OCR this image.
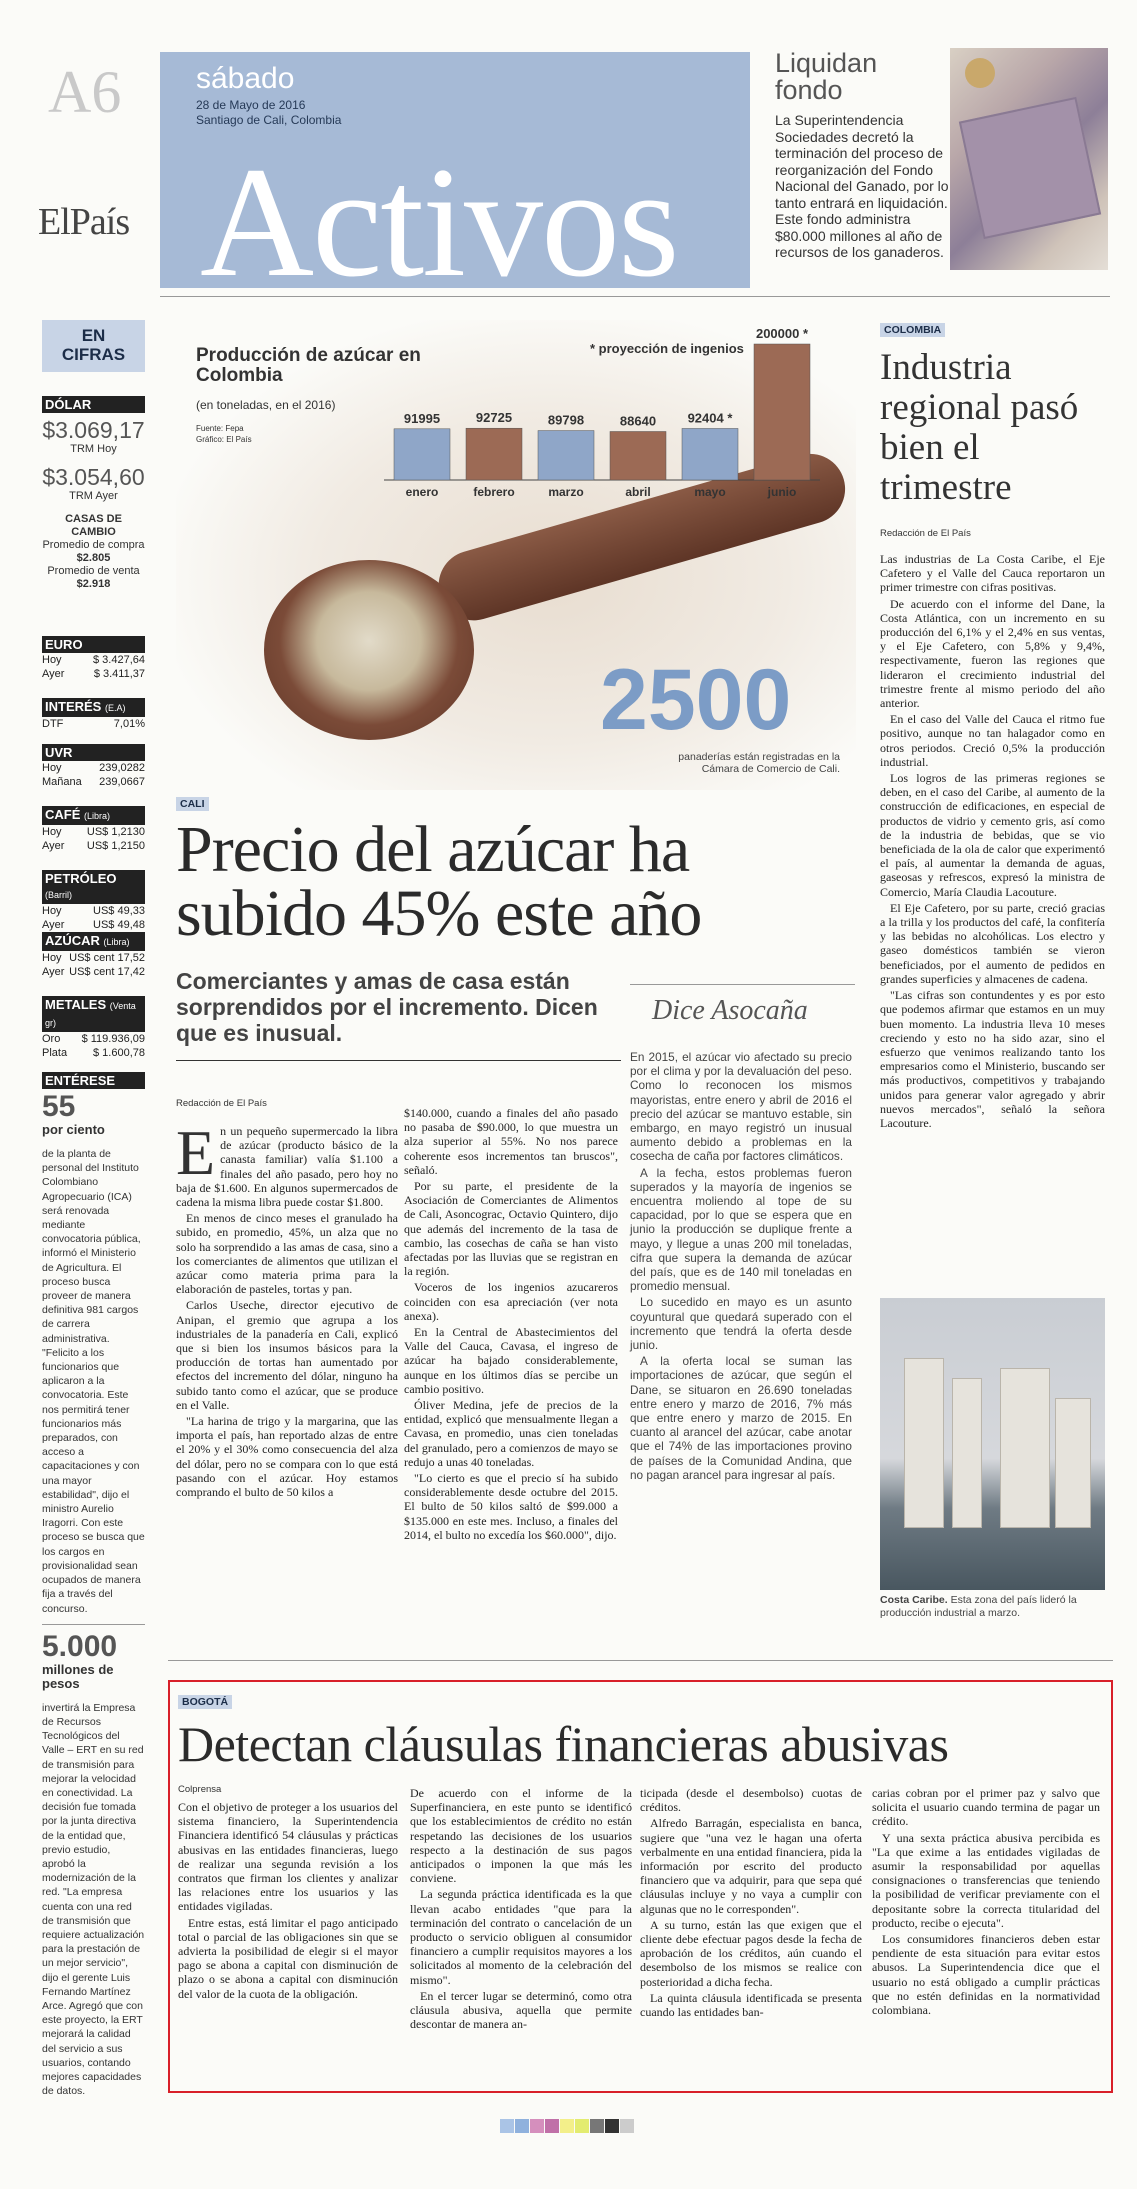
A6
ElPaís
sábado
28 de Mayo de 2016
Santiago de Cali, Colombia
Activos
Liquidan
fondo
La Superintendencia Sociedades decretó la terminación del proceso de reorganización del Fondo Nacional del Ganado, por lo tanto entrará en liquidación. Este fondo administra $80.000 millones al año de recursos de los ganaderos.
EN
CIFRAS
DÓLAR
$3.069,17
TRM Hoy
$3.054,60
TRM Ayer
CASAS DE CAMBIO
Promedio de compra
$2.805
Promedio de venta
$2.918
EURO
Hoy	$ 3.427,64
Ayer	$ 3.411,37
INTERÉS (E.A)
DTF	7,01%
UVR
Hoy	239,0282
Mañana 239,0667
CAFÉ (Libra)
Hoy US$ 1,2130
Ayer US$ 1,2150
PETRÓLEO (Barril)
Hoy	US$ 49,33
Ayer	US$ 49,48
AZÚCAR (Libra)
Hoy US$ cent 17,52
Ayer US$ cent 17,42
METALES (Venta gr)
Oro $ 119.936,09
Plata $ 1.600,78
ENTÉRESE
55
por ciento
de la planta de personal del Instituto Colombiano Agropecuario (ICA) será renovada mediante convocatoria pública, informó el Ministerio de Agricultura. El proceso busca proveer de manera definitiva 981 cargos de carrera administrativa. "Felicito a los funcionarios que aplicaron a la convocatoria. Este nos permitirá tener funcionarios más preparados, con acceso a capacitaciones y con una mayor estabilidad", dijo el ministro Aurelio Iragorri. Con este proceso se busca que los cargos en provisionalidad sean ocupados de manera fija a través del concurso.
5.000
millones de pesos
invertirá la Empresa de Recursos Tecnológicos del Valle – ERT en su red de transmisión para mejorar la velocidad en conectividad. La decisión fue tomada por la junta directiva de la entidad que, previo estudio, aprobó la modernización de la red. "La empresa cuenta con una red de transmisión que requiere actualización para la prestación de un mejor servicio", dijo el gerente Luis Fernando Martínez Arce. Agregó que con este proyecto, la ERT mejorará la calidad del servicio a sus usuarios, contando mejores capacidades de datos.
Producción de azúcar en Colombia
(en toneladas, en el 2016)
Fuente: Fepa
Gráfico: El País
* proyección de ingenios
91995
enero
92725
febrero
89798
marzo
88640
abril
92404 *
mayo
200000 *
junio
2500
panaderías están registradas en la Cámara de Comercio de Cali.
CALI
Precio del azúcar ha subido 45% este año
Comerciantes y amas de casa están sorprendidos por el incremento. Dicen que es inusual.
Redacción de El País
E n un pequeño supermercado la libra de azúcar (producto básico de la canasta familiar) valía $1.100 a finales del año pasado, pero hoy no baja de $1.600. En algunos supermercados de cadena la misma libra puede costar $1.800.

En menos de cinco meses el granulado ha subido, en promedio, 45%, un alza que no solo ha sorprendido a las amas de casa, sino a los comerciantes de alimentos que utilizan el azúcar como materia prima para la elaboración de pasteles, tortas y pan.

Carlos Useche, director ejecutivo de Anipan, el gremio que agrupa a los industriales de la panadería en Cali, explicó que si bien los insumos básicos para la producción de tortas han aumentado por efectos del incremento del dólar, ninguno ha subido tanto como el azúcar, que se produce en el Valle.

"La harina de trigo y la margarina, que las importa el país, han reportado alzas de entre el 20% y el 30% como consecuencia del alza del dólar, pero no se compara con lo que está pasando con el azúcar. Hoy estamos comprando el bulto de 50 kilos a

$140.000, cuando a finales del año pasado no pasaba de $90.000, lo que muestra un alza superior al 55%. No nos parece coherente esos incrementos tan bruscos", señaló.

Por su parte, el presidente de la Asociación de Comerciantes de Alimentos de Cali, Asoncograc, Octavio Quintero, dijo que además del incremento de la tasa de cambio, las cosechas de caña se han visto afectadas por las lluvias que se registran en la región.

Voceros de los ingenios azucareros coinciden con esa apreciación (ver nota anexa).

En la Central de Abastecimientos del Valle del Cauca, Cavasa, el ingreso de azúcar ha bajado considerablemente, aunque en los últimos días se percibe un cambio positivo.

Óliver Medina, jefe de precios de la entidad, explicó que mensualmente llegan a Cavasa, en promedio, unas cien toneladas del granulado, pero a comienzos de mayo se redujo a unas 40 toneladas.

"Lo cierto es que el precio sí ha subido considerablemente desde octubre del 2015. El bulto de 50 kilos saltó de $99.000 a $135.000 en este mes. Incluso, a finales del 2014, el bulto no excedía los $60.000", dijo.

Dice Asocaña

En 2015, el azúcar vio afectado su precio por el clima y por la devaluación del peso. Como lo reconocen los mismos mayoristas, entre enero y abril de 2016 el precio del azúcar se mantuvo estable, sin embargo, en mayo registró un inusual aumento debido a problemas en la cosecha de caña por factores climáticos.

A la fecha, estos problemas fueron superados y la mayoría de ingenios se encuentra moliendo al tope de su capacidad, por lo que se espera que en junio la producción se duplique frente a mayo, y llegue a unas 200 mil toneladas, cifra que supera la demanda de azúcar del país, que es de 140 mil toneladas en promedio mensual.

Lo sucedido en mayo es un asunto coyuntural que quedará superado con el incremento que tendrá la oferta desde junio.

A la oferta local se suman las importaciones de azúcar, que según el Dane, se situaron en 26.690 toneladas entre enero y marzo de 2016, 7% más que entre enero y marzo de 2015. En cuanto al arancel del azúcar, cabe anotar que el 74% de las importaciones provino de países de la Comunidad Andina, que no pagan arancel para ingresar al país.

COLOMBIA
Industria regional pasó bien el trimestre
Redacción de El País

Las industrias de La Costa Caribe, el Eje Cafetero y el Valle del Cauca reportaron un primer trimestre con cifras positivas.

De acuerdo con el informe del Dane, la Costa Atlántica, con un incremento en su producción del 6,1% y el 2,4% en sus ventas, y el Eje Cafetero, con 5,8% y 9,4%, respectivamente, fueron las regiones que lideraron el crecimiento industrial del trimestre frente al mismo periodo del año anterior.

En el caso del Valle del Cauca el ritmo fue positivo, aunque no tan halagador como en otros periodos. Creció 0,5% la producción industrial.

Los logros de las primeras regiones se deben, en el caso del Caribe, al aumento de la construcción de edificaciones, en especial de productos de vidrio y cemento gris, así como de la industria de bebidas, que se vio beneficiada de la ola de calor que experimentó el país, al aumentar la demanda de aguas, gaseosas y refrescos, expresó la ministra de Comercio, María Claudia Lacouture.

El Eje Cafetero, por su parte, creció gracias a la trilla y los productos del café, la confitería y las bebidas no alcohólicas. Los electro y gaseo domésticos también se vieron beneficiados, por el aumento de pedidos en grandes superficies y almacenes de cadena.

"Las cifras son contundentes y es por esto que podemos afirmar que estamos en un muy buen momento. La industria lleva 10 meses creciendo y esto no ha sido azar, sino el esfuerzo que venimos realizando tanto los empresarios como el Ministerio, buscando ser más productivos, competitivos y trabajando unidos para generar valor agregado y abrir nuevos mercados", señaló la señora Lacouture.

Costa Caribe. Esta zona del país lideró la producción industrial a marzo.
BOGOTÁ
Detectan cláusulas financieras abusivas
Colprensa

Con el objetivo de proteger a los usuarios del sistema financiero, la Superintendencia Financiera identificó 54 cláusulas y prácticas abusivas en las entidades financieras, luego de realizar una segunda revisión a los contratos que firman los clientes y analizar las relaciones entre los usuarios y las entidades vigiladas.

Entre estas, está limitar el pago anticipado total o parcial de las obligaciones sin que se advierta la posibilidad de elegir si el mayor pago se abona a capital con disminución de plazo o se abona a capital con disminución del valor de la cuota de la obligación.

De acuerdo con el informe de la Superfinanciera, en este punto se identificó que los establecimientos de crédito no están respetando las decisiones de los usuarios respecto a la destinación de sus pagos anticipados o imponen la que más les conviene.

La segunda práctica identificada es la que llevan acabo entidades "que para la terminación del contrato o cancelación de un producto o servicio obliguen al consumidor financiero a cumplir requisitos mayores a los solicitados al momento de la celebración del mismo".

En el tercer lugar se determinó, como otra cláusula abusiva, aquella que permite descontar de manera an-

ticipada (desde el desembolso) cuotas de créditos.

Alfredo Barragán, especialista en banca, sugiere que "una vez le hagan una oferta verbalmente en una entidad financiera, pida la información por escrito del producto financiero que va adquirir, para que sepa qué cláusulas incluye y no vaya a cumplir con algunas que no le corresponden".

A su turno, están las que exigen que el cliente debe efectuar pagos desde la fecha de aprobación de los créditos, aún cuando el desembolso de los mismos se realice con posterioridad a dicha fecha.

La quinta cláusula identificada se presenta cuando las entidades ban-

carias cobran por el primer paz y salvo que solicita el usuario cuando termina de pagar un crédito.

Y una sexta práctica abusiva percibida es "La que exime a las entidades vigiladas de asumir la responsabilidad por aquellas consignaciones o transferencias que teniendo la posibilidad de verificar previamente con el depositante sobre la correcta titularidad del producto, recibe o ejecuta".

Los consumidores financieros deben estar pendiente de esta situación para evitar estos abusos. La Superintendencia dice que el usuario no está obligado a cumplir prácticas que no estén definidas en la normatividad colombiana.
